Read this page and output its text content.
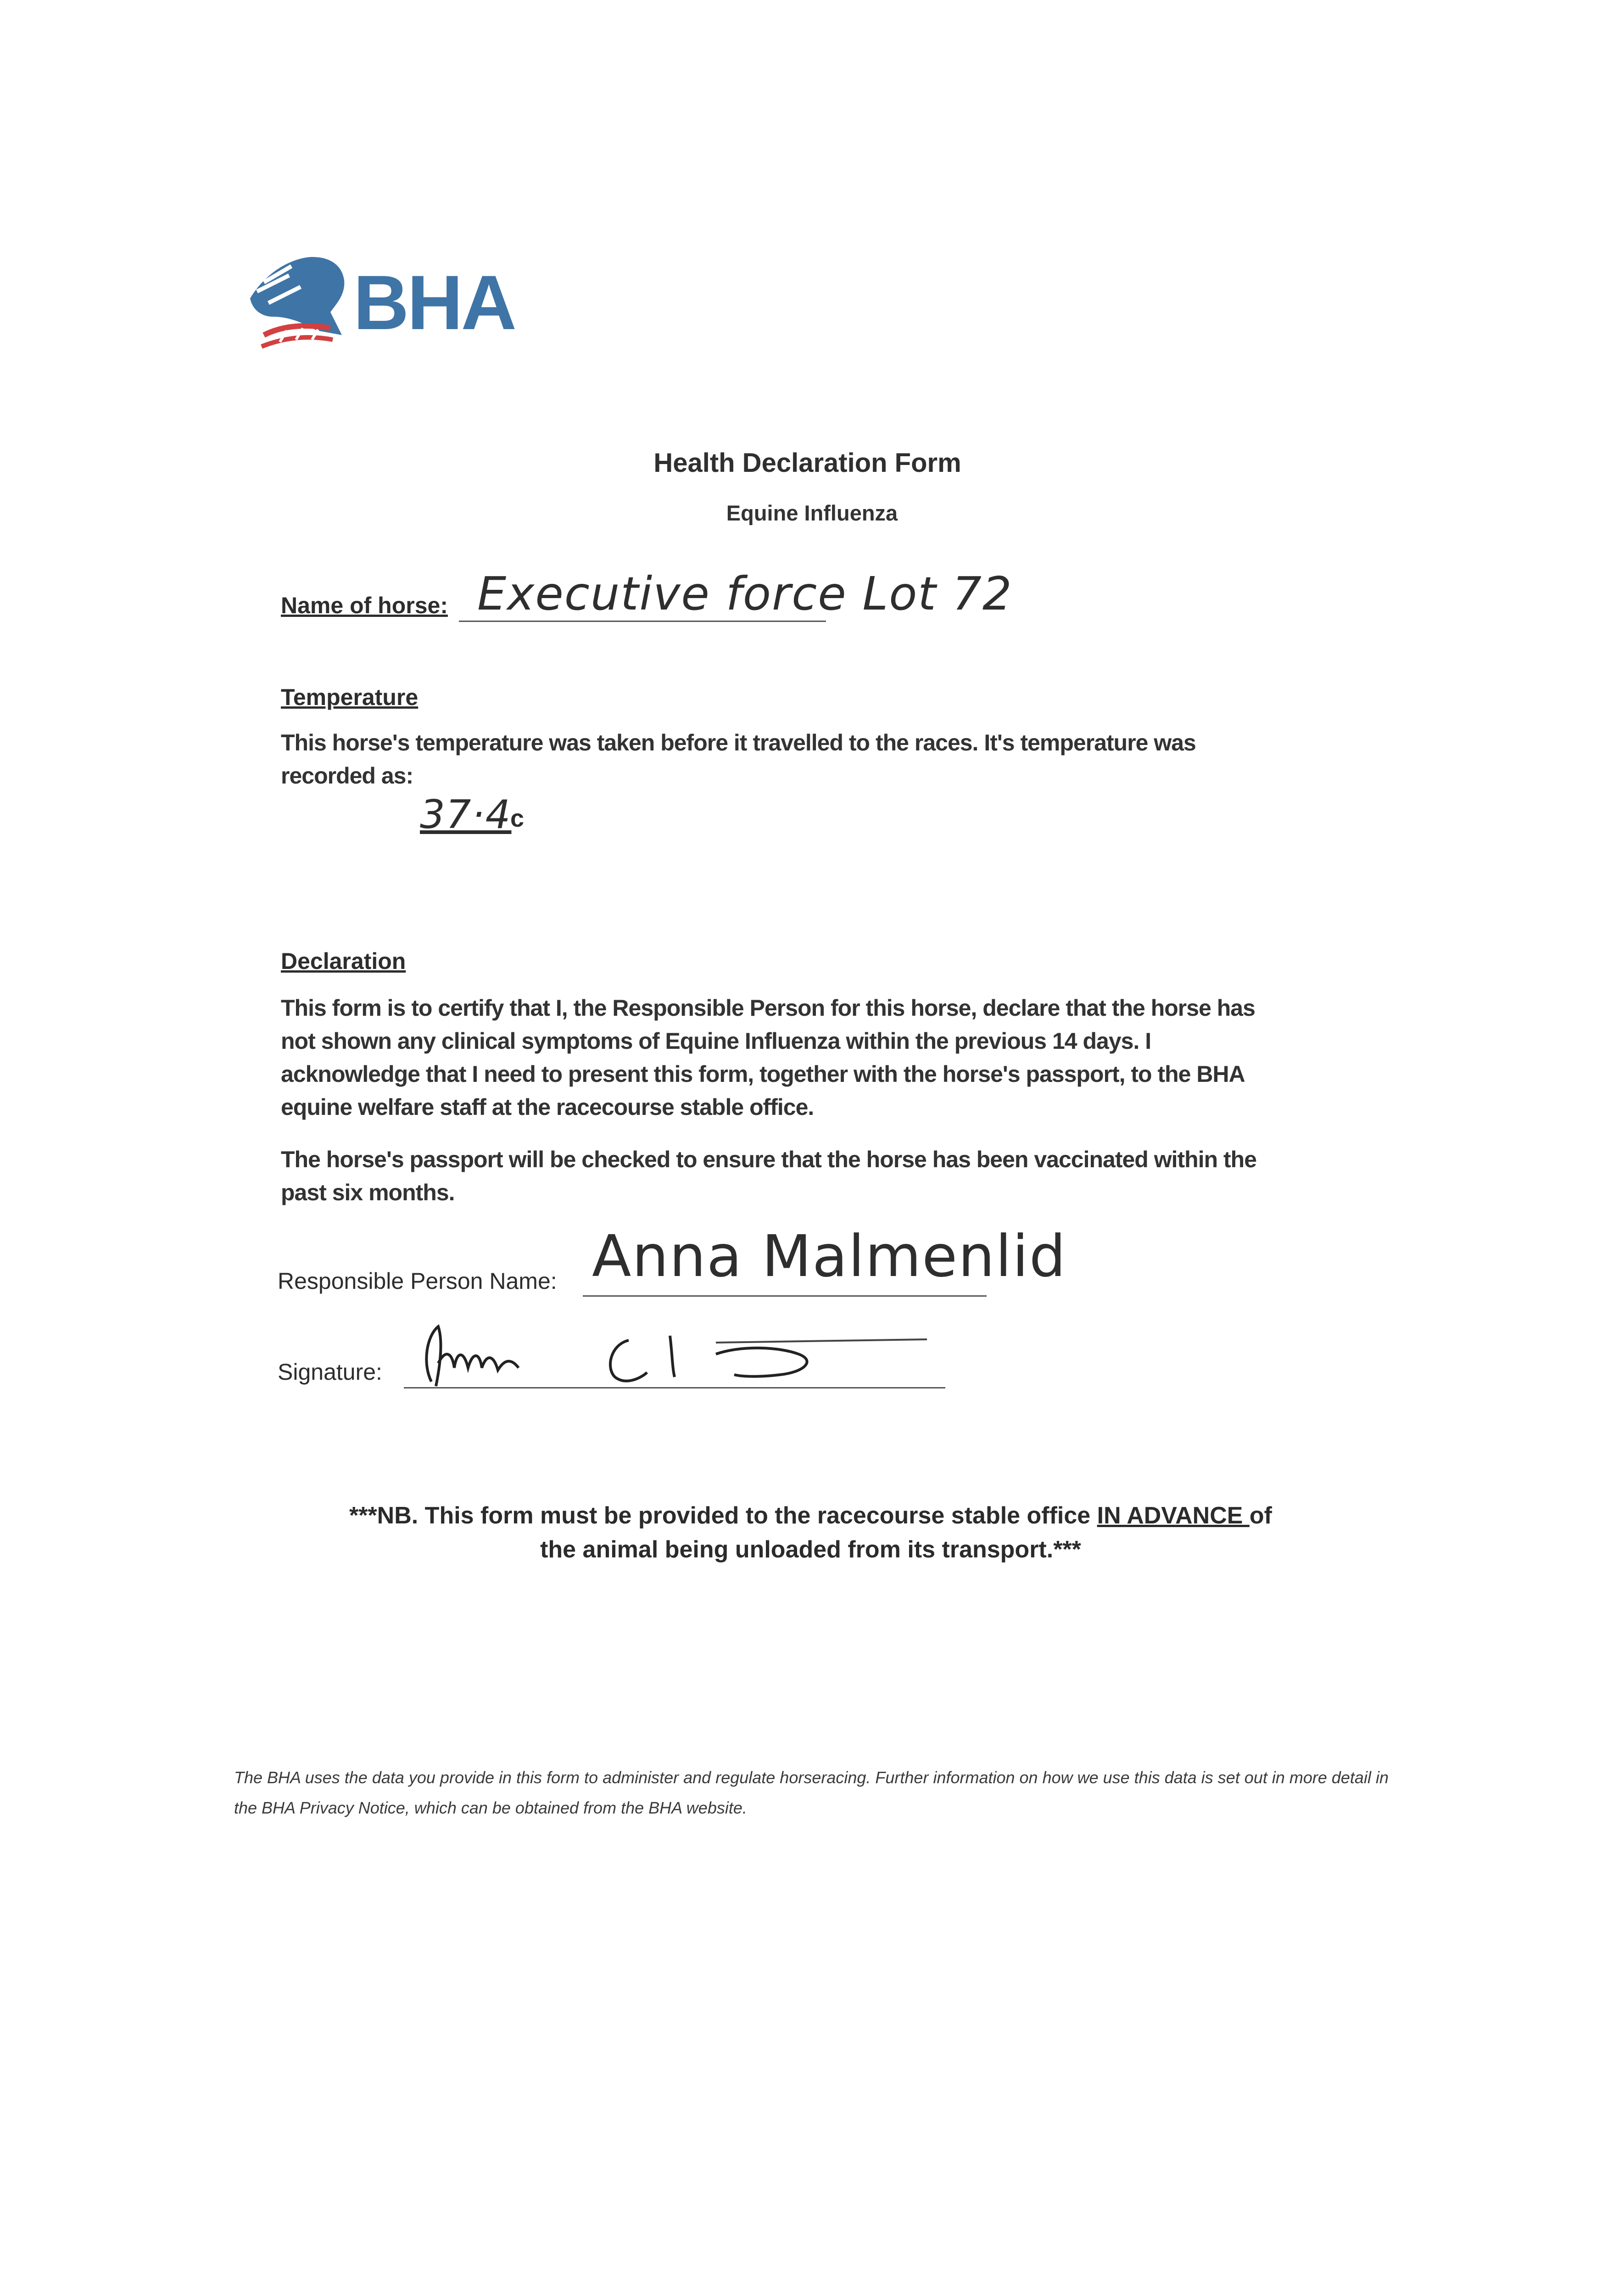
BHA
Health Declaration Form
Equine Influenza
Name of horse: Executive force Lot 72
Temperature
This horse's temperature was taken before it travelled to the races. It's temperature was recorded as:
37·4
c
Declaration
This form is to certify that I, the Responsible Person for this horse, declare that the horse has not shown any clinical symptoms of Equine Influenza within the previous 14 days. I acknowledge that I need to present this form, together with the horse's passport, to the BHA equine welfare staff at the racecourse stable office.
The horse's passport will be checked to ensure that the horse has been vaccinated within the past six months.
Responsible Person Name: Anna Malmenlid
Signature:
***NB. This form must be provided to the racecourse stable office IN ADVANCE of the animal being unloaded from its transport.***
The BHA uses the data you provide in this form to administer and regulate horseracing. Further information on how we use this data is set out in more detail in the BHA Privacy Notice, which can be obtained from the BHA website.
